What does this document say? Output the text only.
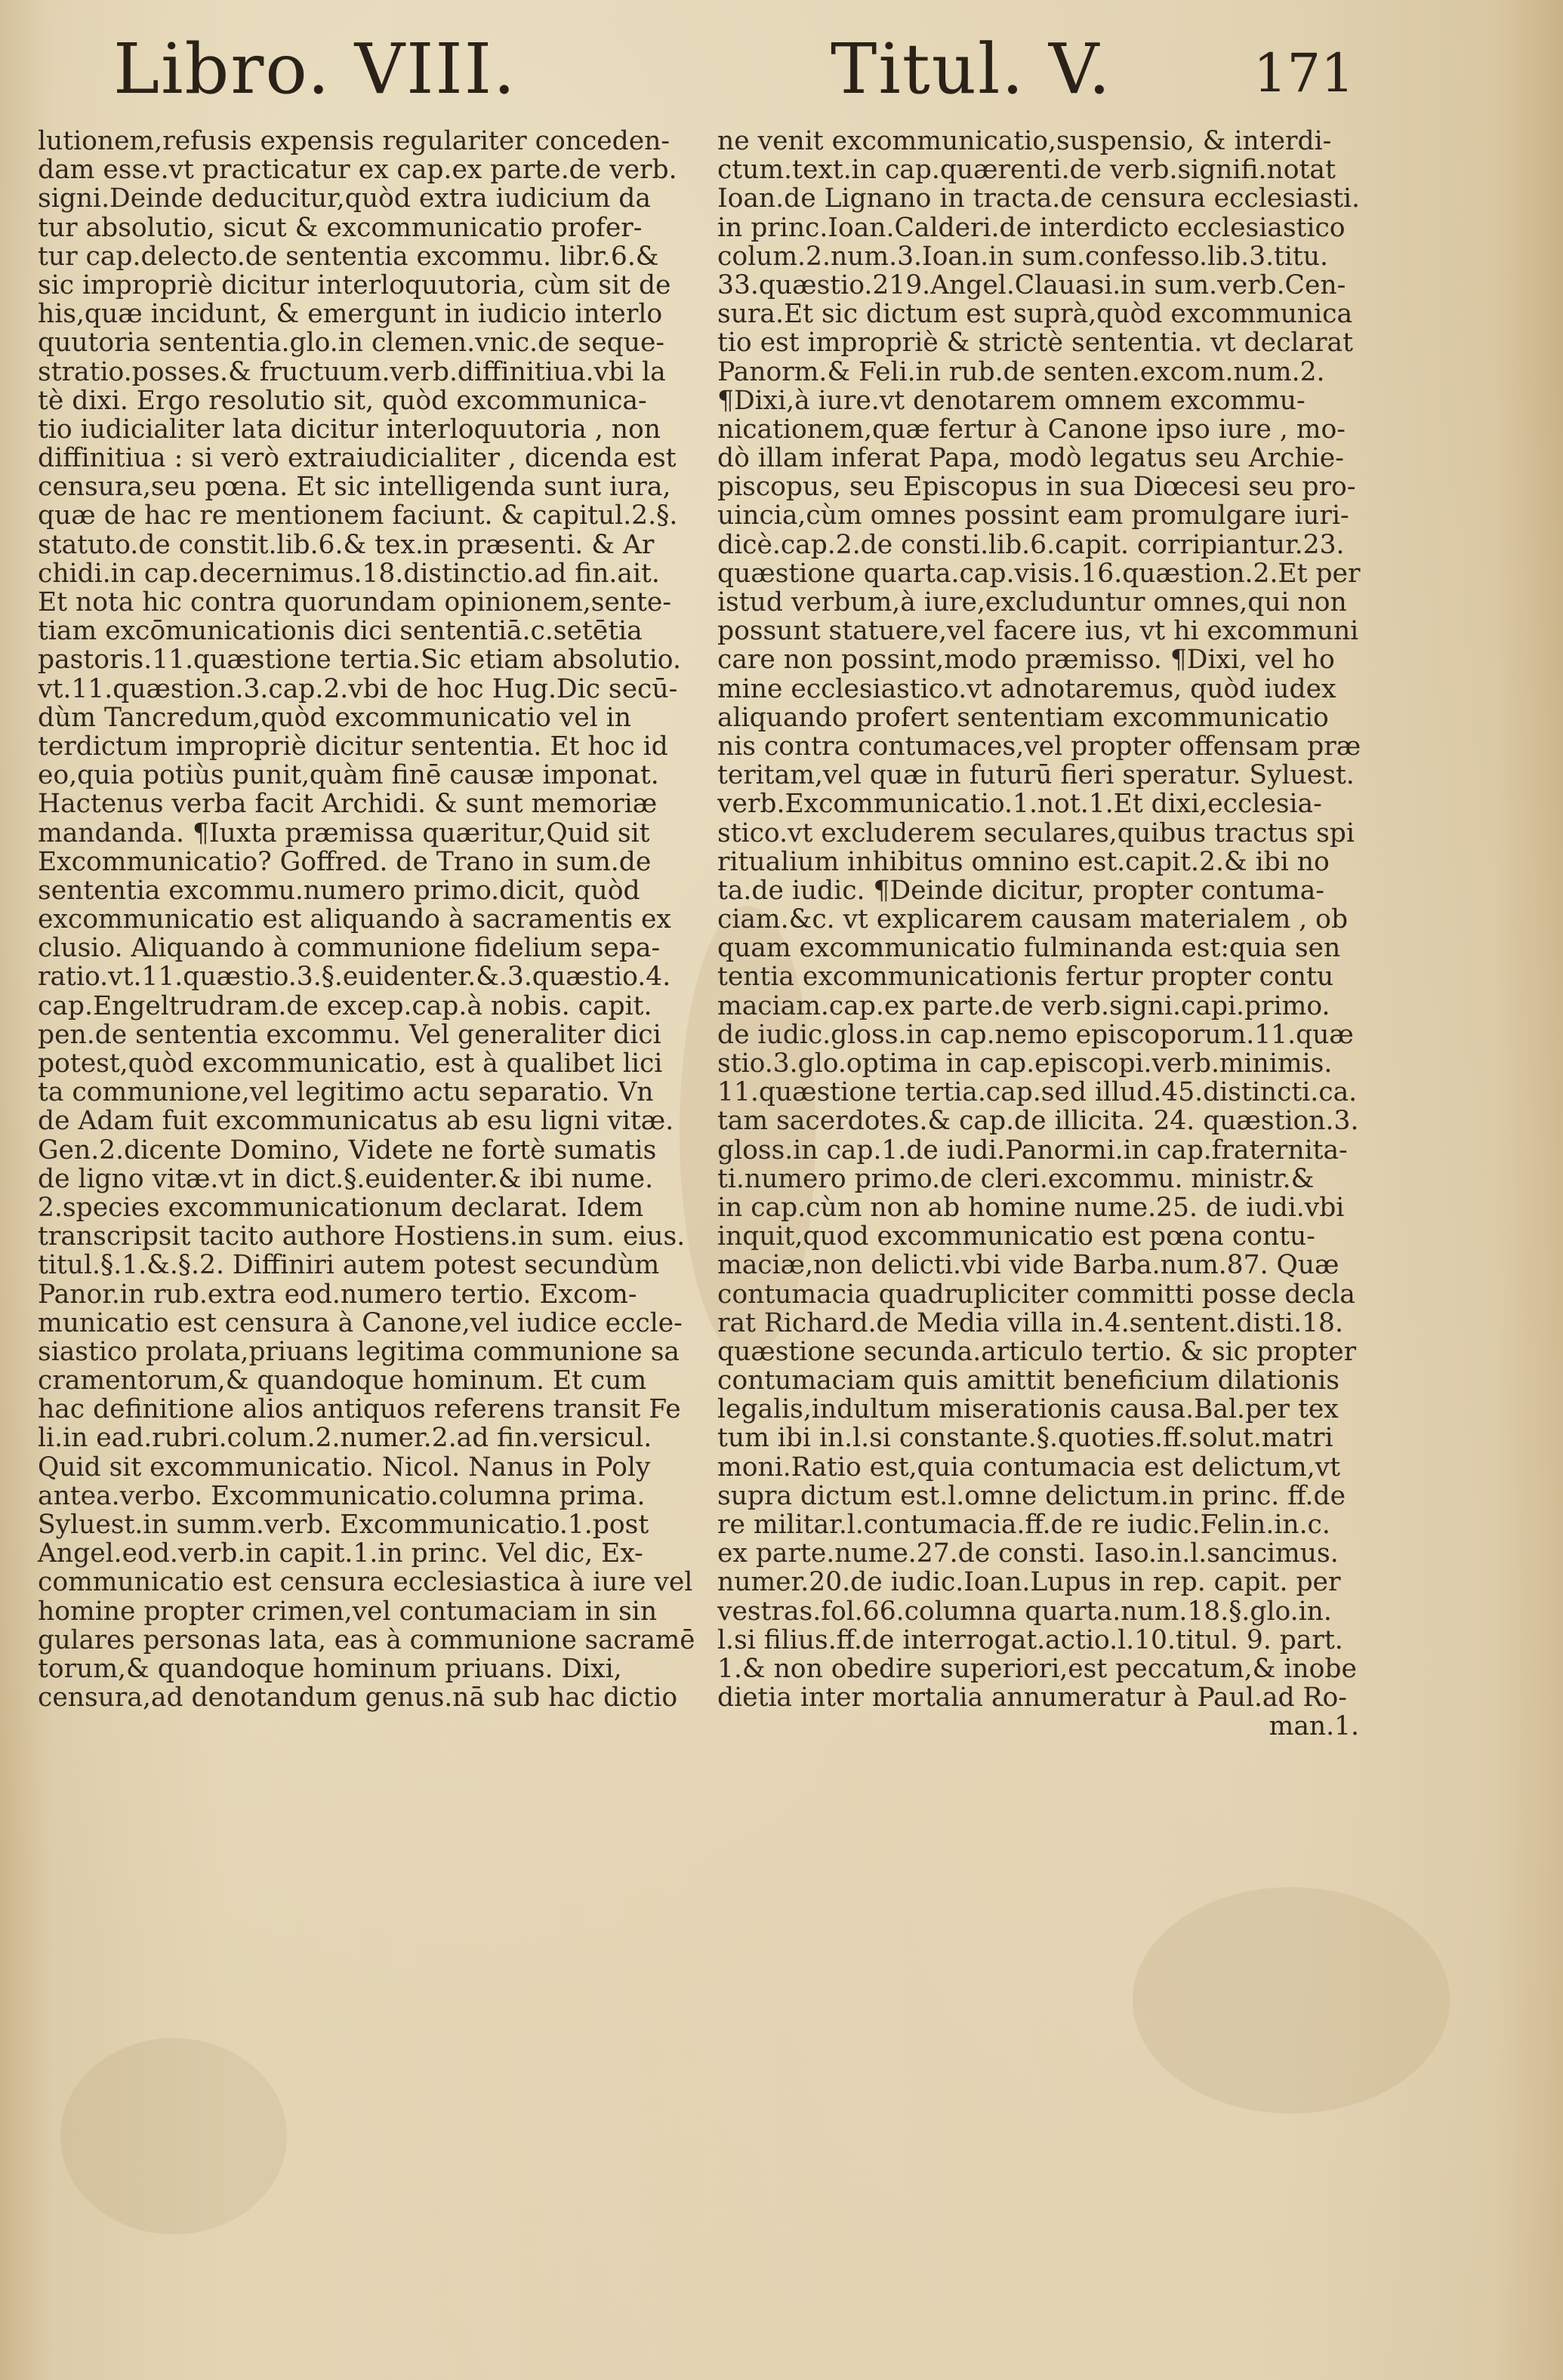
Libro. VIII.	Titul. V.	171
lutionem,refusis expensis regulariter conceden-
dam esse.vt practicatur ex cap.ex parte.de verb.
signi.Deinde deducitur,quòd extra iudicium da
tur absolutio, sicut & excommunicatio profer-
tur cap.delecto.de sententia excommu. libr.6.&
sic impropriè dicitur interloquutoria, cùm sit de
his,quæ incidunt, & emergunt in iudicio interlo
quutoria sententia.glo.in clemen.vnic.de seque-
stratio.posses.& fructuum.verb.diffinitiua.vbi la
tè dixi. Ergo resolutio sit, quòd excommunica-
tio iudicialiter lata dicitur interloquutoria , non
diffinitiua : si verò extraiudicialiter , dicenda est
censura,seu pœna. Et sic intelligenda sunt iura,
quæ de hac re mentionem faciunt. & capitul.2.§.
statuto.de constit.lib.6.& tex.in præsenti. & Ar
chidi.in cap.decernimus.18.distinctio.ad fin.ait.
Et nota hic contra quorundam opinionem,sente-
tiam excōmunicationis dici sententiā.c.setētia
pastoris.11.quæstione tertia.Sic etiam absolutio.
vt.11.quæstion.3.cap.2.vbi de hoc Hug.Dic secū-
dùm Tancredum,quòd excommunicatio vel in
terdictum impropriè dicitur sententia. Et hoc id
eo,quia potiùs punit,quàm finē causæ imponat.
Hactenus verba facit Archidi. & sunt memoriæ
mandanda. ¶Iuxta præmissa quæritur,Quid sit
Excommunicatio? Goffred. de Trano in sum.de
sententia excommu.numero primo.dicit, quòd
excommunicatio est aliquando à sacramentis ex
clusio. Aliquando à communione fidelium sepa-
ratio.vt.11.quæstio.3.§.euidenter.&.3.quæstio.4.
cap.Engeltrudram.de excep.cap.à nobis. capit.
pen.de sententia excommu. Vel generaliter dici
potest,quòd excommunicatio, est à qualibet lici
ta communione,vel legitimo actu separatio. Vn
de Adam fuit excommunicatus ab esu ligni vitæ.
Gen.2.dicente Domino, Videte ne fortè sumatis
de ligno vitæ.vt in dict.§.euidenter.& ibi nume.
2.species excommunicationum declarat. Idem
transcripsit tacito authore Hostiens.in sum. eius.
titul.§.1.&.§.2. Diffiniri autem potest secundùm
Panor.in rub.extra eod.numero tertio. Excom-
municatio est censura à Canone,vel iudice eccle-
siastico prolata,priuans legitima communione sa
cramentorum,& quandoque hominum. Et cum
hac definitione alios antiquos referens transit Fe
li.in ead.rubri.colum.2.numer.2.ad fin.versicul.
Quid sit excommunicatio. Nicol. Nanus in Poly
antea.verbo. Excommunicatio.columna prima.
Syluest.in summ.verb. Excommunicatio.1.post
Angel.eod.verb.in capit.1.in princ. Vel dic, Ex-
communicatio est censura ecclesiastica à iure vel
homine propter crimen,vel contumaciam in sin
gulares personas lata, eas à communione sacramē
torum,& quandoque hominum priuans. Dixi,
censura,ad denotandum genus.nā sub hac dictio
ne venit excommunicatio,suspensio, & interdi-
ctum.text.in cap.quærenti.de verb.signifi.notat
Ioan.de Lignano in tracta.de censura ecclesiasti.
in princ.Ioan.Calderi.de interdicto ecclesiastico
colum.2.num.3.Ioan.in sum.confesso.lib.3.titu.
33.quæstio.219.Angel.Clauasi.in sum.verb.Cen-
sura.Et sic dictum est suprà,quòd excommunica
tio est impropriè & strictè sententia. vt declarat
Panorm.& Feli.in rub.de senten.excom.num.2.
¶Dixi,à iure.vt denotarem omnem excommu-
nicationem,quæ fertur à Canone ipso iure , mo-
dò illam inferat Papa, modò legatus seu Archie-
piscopus, seu Episcopus in sua Diœcesi seu pro-
uincia,cùm omnes possint eam promulgare iuri-
dicè.cap.2.de consti.lib.6.capit. corripiantur.23.
quæstione quarta.cap.visis.16.quæstion.2.Et per
istud verbum,à iure,excluduntur omnes,qui non
possunt statuere,vel facere ius, vt hi excommuni
care non possint,modo præmisso. ¶Dixi, vel ho
mine ecclesiastico.vt adnotaremus, quòd iudex
aliquando profert sententiam excommunicatio
nis contra contumaces,vel propter offensam præ
teritam,vel quæ in futurū fieri speratur. Syluest.
verb.Excommunicatio.1.not.1.Et dixi,ecclesia-
stico.vt excluderem seculares,quibus tractus spi
ritualium inhibitus omnino est.capit.2.& ibi no
ta.de iudic. ¶Deinde dicitur, propter contuma-
ciam.&c. vt explicarem causam materialem , ob
quam excommunicatio fulminanda est:quia sen
tentia excommunicationis fertur propter contu
maciam.cap.ex parte.de verb.signi.capi.primo.
de iudic.gloss.in cap.nemo episcoporum.11.quæ
stio.3.glo.optima in cap.episcopi.verb.minimis.
11.quæstione tertia.cap.sed illud.45.distincti.ca.
tam sacerdotes.& cap.de illicita. 24. quæstion.3.
gloss.in cap.1.de iudi.Panormi.in cap.fraternita-
ti.numero primo.de cleri.excommu. ministr.&
in cap.cùm non ab homine nume.25. de iudi.vbi
inquit,quod excommunicatio est pœna contu-
maciæ,non delicti.vbi vide Barba.num.87. Quæ
contumacia quadrupliciter committi posse decla
rat Richard.de Media villa in.4.sentent.disti.18.
quæstione secunda.articulo tertio. & sic propter
contumaciam quis amittit beneficium dilationis
legalis,indultum miserationis causa.Bal.per tex
tum ibi in.l.si constante.§.quoties.ff.solut.matri
moni.Ratio est,quia contumacia est delictum,vt
supra dictum est.l.omne delictum.in princ. ff.de
re militar.l.contumacia.ff.de re iudic.Felin.in.c.
ex parte.nume.27.de consti. Iaso.in.l.sancimus.
numer.20.de iudic.Ioan.Lupus in rep. capit. per
vestras.fol.66.columna quarta.num.18.§.glo.in.
l.si filius.ff.de interrogat.actio.l.10.titul. 9. part.
1.& non obedire superiori,est peccatum,& inobe
dietia inter mortalia annumeratur à Paul.ad Ro-
man.1.
